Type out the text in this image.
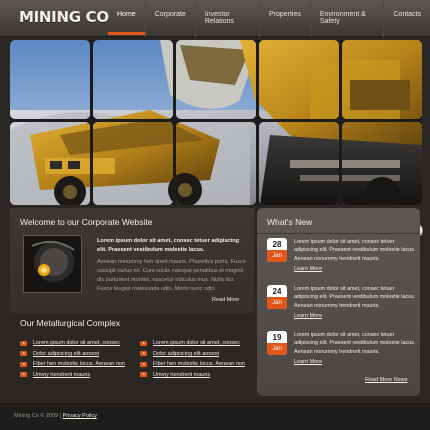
MINING CO	Home	Corporate	Investor Relations
Properties	Environment & Safety
Contacts
Welcome to our Corporate Website
Lorem ipsum dolor sit amet, consec tetuer adipiscing elit. Praesent vestibulum molestie lacus.
Aenean nonummy hen drerit mauris. Phasellus porta. Fusce suscipit varius mi. Cum sociis natoque penatibus et magnis dis parturient montes, nascetur ridiculus mus. Nulla dui. Fusce feugiat malesuada odio. Morbi nunc odio
Read More
Our Metallurgical Complex
Lorem ipsum dolor sit amet, consec
Dolor adipiscing elit aenent
Fiber hen molestie lacus. Aenean non
Ummy hendrerit mauris
Lorem ipsum dolor sit amet, consec
Dolor adipiscing elit aenent
Fiber hen molestie lacus. Aenean non
Ummy hendrerit mauris
What's New
28
Jan
Lorem ipsum dolor sit amet, consec tetuer adipiscing elit. Praesent vestibulum molestie lacus. Aenean nonummy hendrerit mauris.
Learn More
24
Jan
Lorem ipsum dolor sit amet, consec tetuer adipiscing elit. Praesent vestibulum molestie lacus. Aenean nonummy hendrerit mauris.
Learn More
19
Jan
Lorem ipsum dolor sit amet, consec tetuer adipiscing elit. Praesent vestibulum molestie lacus. Aenean nonummy hendrerit mauris.
Learn More
Read More News
Mining Co © 2009 | Privacy Policy
